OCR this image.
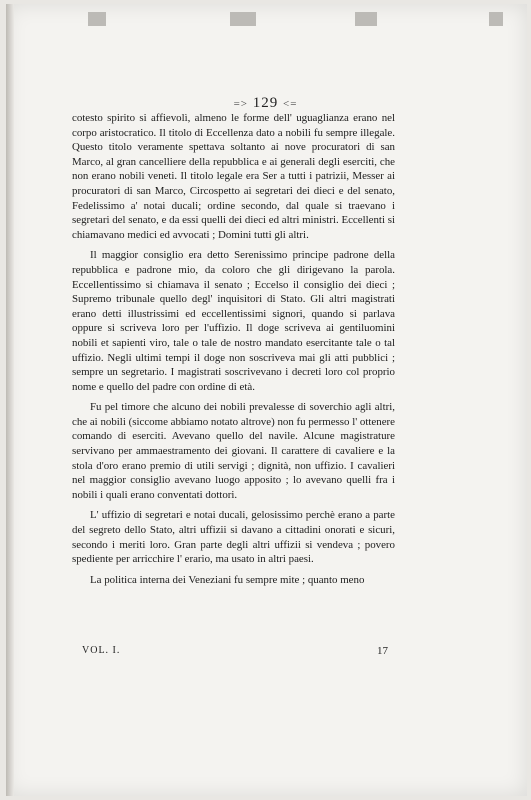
=> 129 <=

cotesto spirito si affievolì, almeno le forme dell' uguaglianza erano nel corpo aristocratico. Il titolo di Eccellenza dato a nobili fu sempre illegale. Questo titolo veramente spettava soltanto ai nove procuratori di san Marco, al gran cancelliere della repubblica e ai generali degli eserciti, che non erano nobili veneti. Il titolo legale era Ser a tutti i patrizii, Messer ai procuratori di san Marco, Circospetto ai segretari dei dieci e del senato, Fedelissimo a' notai ducali; ordine secondo, dal quale si traevano i segretari del senato, e da essi quelli dei dieci ed altri ministri. Eccellenti si chiamavano medici ed avvocati ; Domini tutti gli altri.

Il maggior consiglio era detto Serenissimo principe padrone della repubblica e padrone mio, da coloro che gli dirigevano la parola. Eccellentissimo si chiamava il senato ; Eccelso il consiglio dei dieci ; Supremo tribunale quello degl' inquisitori di Stato. Gli altri magistrati erano detti illustrissimi ed eccellentissimi signori, quando si parlava oppure si scriveva loro per l'uffizio. Il doge scriveva ai gentiluomini nobili et sapienti viro, tale o tale de nostro mandato esercitante tale o tal uffizio. Negli ultimi tempi il doge non soscriveva mai gli atti pubblici ; sempre un segretario. I magistrati soscrivevano i decreti loro col proprio nome e quello del padre con ordine di età.

Fu pel timore che alcuno dei nobili prevalesse di soverchio agli altri, che ai nobili (siccome abbiamo notato altrove) non fu permesso l' ottenere comando di eserciti. Avevano quello del navile. Alcune magistrature servivano per ammaestramento dei giovani. Il carattere di cavaliere e la stola d'oro erano premio di utili servigi ; dignità, non uffizio. I cavalieri nel maggior consiglio avevano luogo apposito ; lo avevano quelli fra i nobili i quali erano conventati dottori.

L' uffizio di segretari e notai ducali, gelosissimo perchè erano a parte del segreto dello Stato, altri uffizii si davano a cittadini onorati e sicuri, secondo i meriti loro. Gran parte degli altri uffizii si vendeva ; povero spediente per arricchire l' erario, ma usato in altri paesi.

La politica interna dei Veneziani fu sempre mite ; quanto meno

VOL. I.	17
